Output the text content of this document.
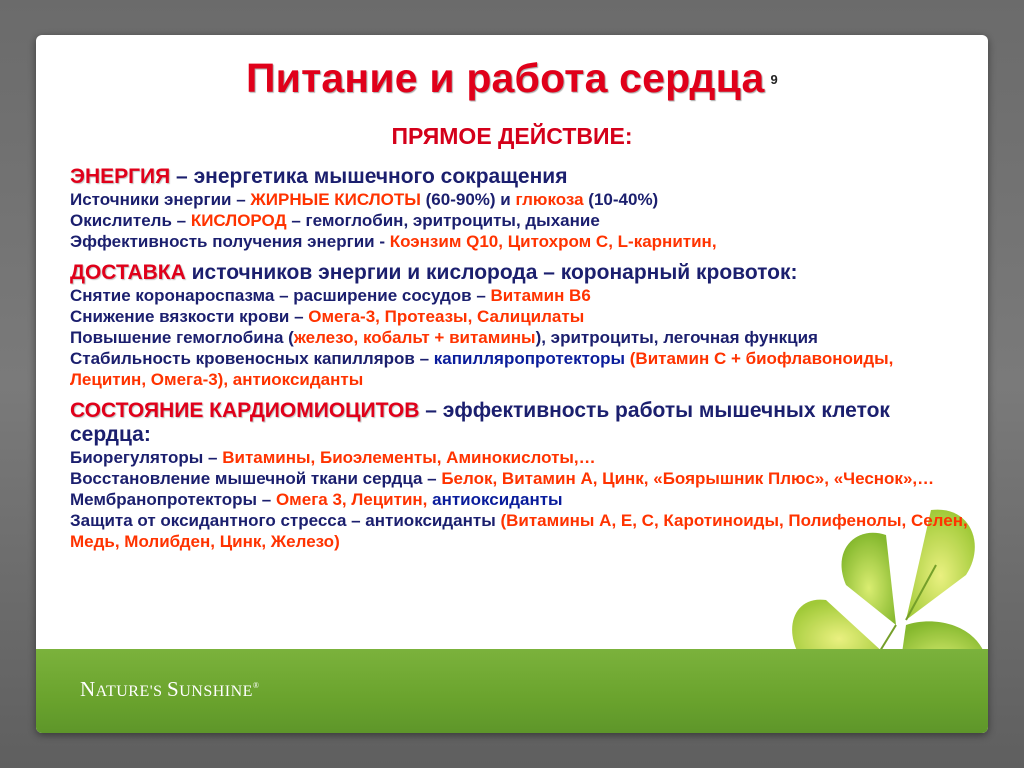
NATURE'S SUNSHINE®
Питание и работа сердца $^9$
ПРЯМОЕ ДЕЙСТВИЕ:

ЭНЕРГИЯ – энергетика мышечного сокращения

Источники энергии – ЖИРНЫЕ КИСЛОТЫ (60-90%) и глюкоза (10-40%)

Окислитель – КИСЛОРОД – гемоглобин, эритроциты, дыхание

Эффективность получения энергии - Коэнзим Q10, Цитохром С, L-карнитин,

ДОСТАВКА источников энергии и кислорода – коронарный кровоток:

Снятие коронароспазма – расширение сосудов – Витамин В6

Снижение вязкости крови – Омега-3, Протеазы, Салицилаты

Повышение гемоглобина (железо, кобальт + витамины), эритроциты, легочная функция

Стабильность кровеносных капилляров – капилляропротекторы (Витамин С + биофлавоноиды, Лецитин, Омега-3), антиоксиданты

СОСТОЯНИЕ КАРДИОМИОЦИТОВ – эффективность работы мышечных клеток сердца:

Биорегуляторы – Витамины, Биоэлементы, Аминокислоты,…

Восстановление мышечной ткани сердца – Белок, Витамин А, Цинк, «Боярышник Плюс», «Чеснок»,…

Мембранопротекторы – Омега 3, Лецитин, антиоксиданты

Защита от оксидантного стресса – антиоксиданты (Витамины А, Е, С, Каротиноиды, Полифенолы, Селен, Медь, Молибден, Цинк, Железо)
